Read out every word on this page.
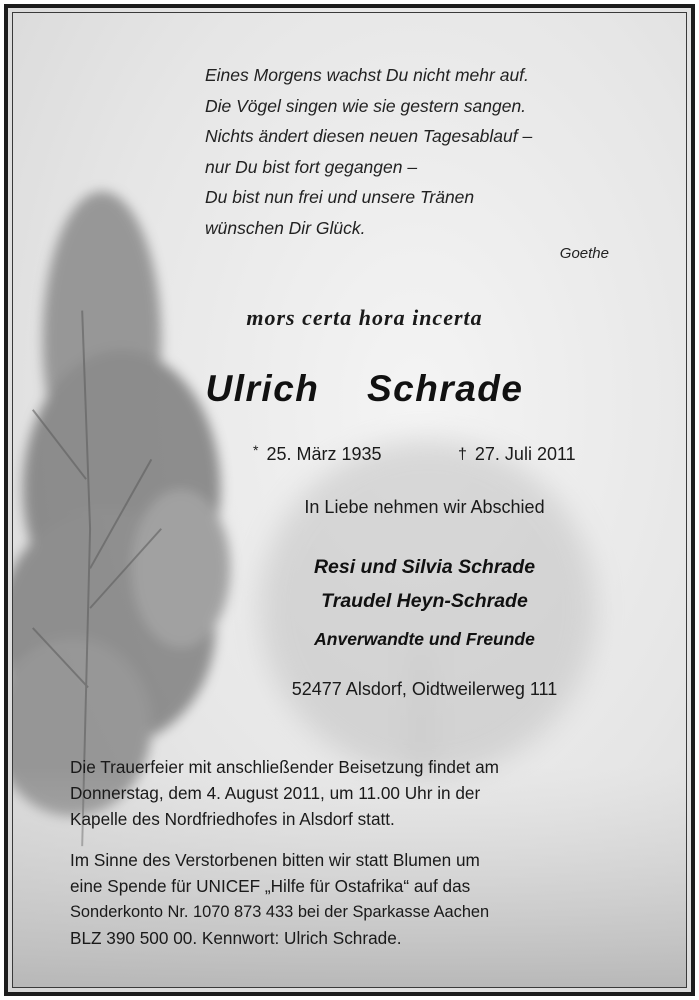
Eines Morgens wachst Du nicht mehr auf.
Die Vögel singen wie sie gestern sangen.
Nichts ändert diesen neuen Tagesablauf –
nur Du bist fort gegangen –
Du bist nun frei und unsere Tränen
wünschen Dir Glück.
Goethe
mors certa hora incerta
Ulrich  Schrade
* 25. März 1935	† 27. Juli 2011
In Liebe nehmen wir Abschied
Resi und Silvia Schrade
Traudel Heyn-Schrade
Anverwandte und Freunde
52477 Alsdorf, Oidtweilerweg 111
Die Trauerfeier mit anschließender Beisetzung findet am
Donnerstag, dem 4. August 2011, um 11.00 Uhr in der
Kapelle des Nordfriedhofes in Alsdorf statt.
Im Sinne des Verstorbenen bitten wir statt Blumen um
eine Spende für UNICEF „Hilfe für Ostafrika“ auf das
Sonderkonto Nr. 1070 873 433 bei der Sparkasse Aachen
BLZ 390 500 00. Kennwort: Ulrich Schrade.
